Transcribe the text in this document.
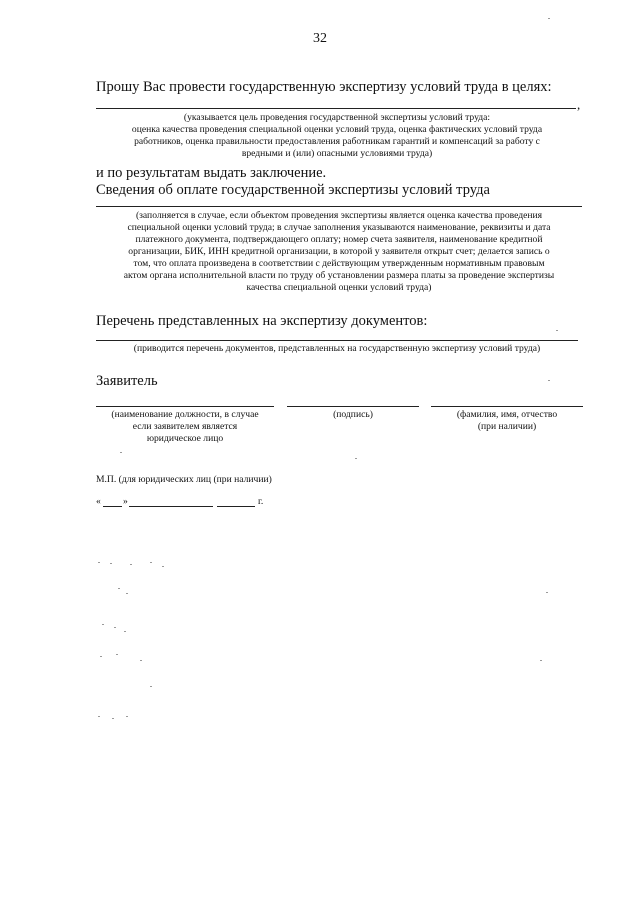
32
Прошу Вас провести государственную экспертизу условий труда в целях:
,
(указывается цель проведения государственной экспертизы условий труда:
оценка качества проведения специальной оценки условий труда, оценка фактических условий труда
работников, оценка правильности предоставления работникам гарантий и компенсаций за работу с
вредными и (или) опасными условиями труда)
и по результатам выдать заключение.
Сведения об оплате государственной экспертизы условий труда
(заполняется в случае, если объектом проведения экспертизы является оценка качества проведения
специальной оценки условий труда; в случае заполнения указываются наименование, реквизиты и дата
платежного документа, подтверждающего оплату; номер счета заявителя, наименование кредитной
организации, БИК, ИНН кредитной организации, в которой у заявителя открыт счет; делается запись о
том, что оплата произведена в соответствии с действующим утвержденным нормативным правовым
актом органа исполнительной власти по труду об установлении размера платы за проведение экспертизы
качества специальной оценки условий труда)
Перечень представленных на экспертизу документов:
(приводится перечень документов, представленных на государственную экспертизу условий труда)
Заявитель
(наименование должности, в случае
если заявителем является
юридическое лицо
(подпись)	(фамилия, имя, отчество
(при наличии)
М.П. (для юридических лиц (при наличии)
« »	г.
